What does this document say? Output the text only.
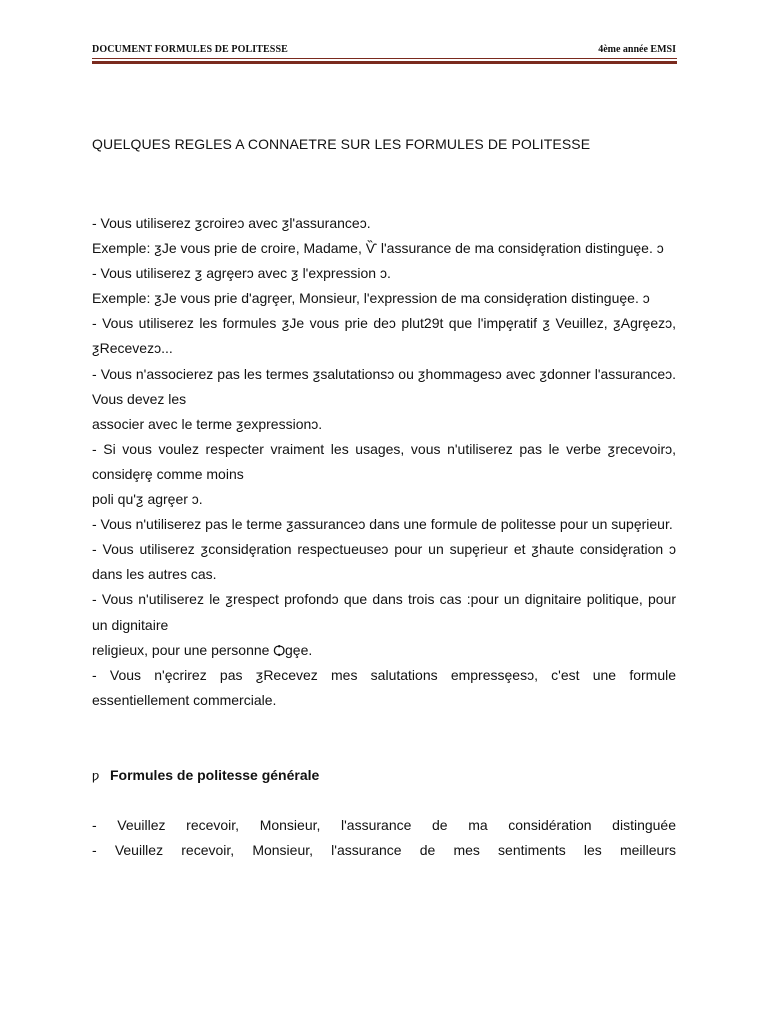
DOCUMENT FORMULES DE POLITESSE	4ème année EMSI
QUELQUES REGLES A CONNAETRE SUR LES FORMULES DE POLITESSE

- Vous utiliserez ƺcroireɔ avec ƺl'assuranceɔ.

Exemple: ƺJe vous prie de croire, Madame, Ѷ l'assurance de ma considȩration distinguȩe. ɔ

- Vous utiliserez ƺ agrȩerɔ avec ƺ l'expression ɔ.

Exemple: ƺJe vous prie d'agrȩer, Monsieur, l'expression de ma considȩration distinguȩe. ɔ

- Vous utiliserez les formules ƺJe vous prie deɔ plut29t que l'impȩratif ƺ Veuillez, ƺAgrȩezɔ, ƺRecevezɔ...

- Vous n'associerez pas les termes ƺsalutationsɔ ou ƺhommagesɔ avec ƺdonner l'assuranceɔ. Vous devez les

associer avec le terme ƺexpressionɔ.

- Si vous voulez respecter vraiment les usages, vous n'utiliserez pas le verbe ƺrecevoirɔ, considȩrȩ comme moins

poli qu'ƺ agrȩer ɔ.

- Vous n'utiliserez pas le terme ƺassuranceɔ dans une formule de politesse pour un supȩrieur.

- Vous utiliserez ƺconsidȩration respectueuseɔ pour un supȩrieur et ƺhaute considȩration ɔ dans les autres cas.

- Vous n'utiliserez le ƺrespect profondɔ que dans trois cas :pour un dignitaire politique, pour un dignitaire

religieux, pour une personne Ѻgȩe.

- Vous n'ȩcrirez pas ƺRecevez mes salutations empressȩesɔ, c'est une formule essentiellement commerciale.

ƿ Formules de politesse générale

- Veuillez recevoir, Monsieur, l'assurance de ma considération distinguée

- Veuillez recevoir, Monsieur, l'assurance de mes sentiments les meilleurs
